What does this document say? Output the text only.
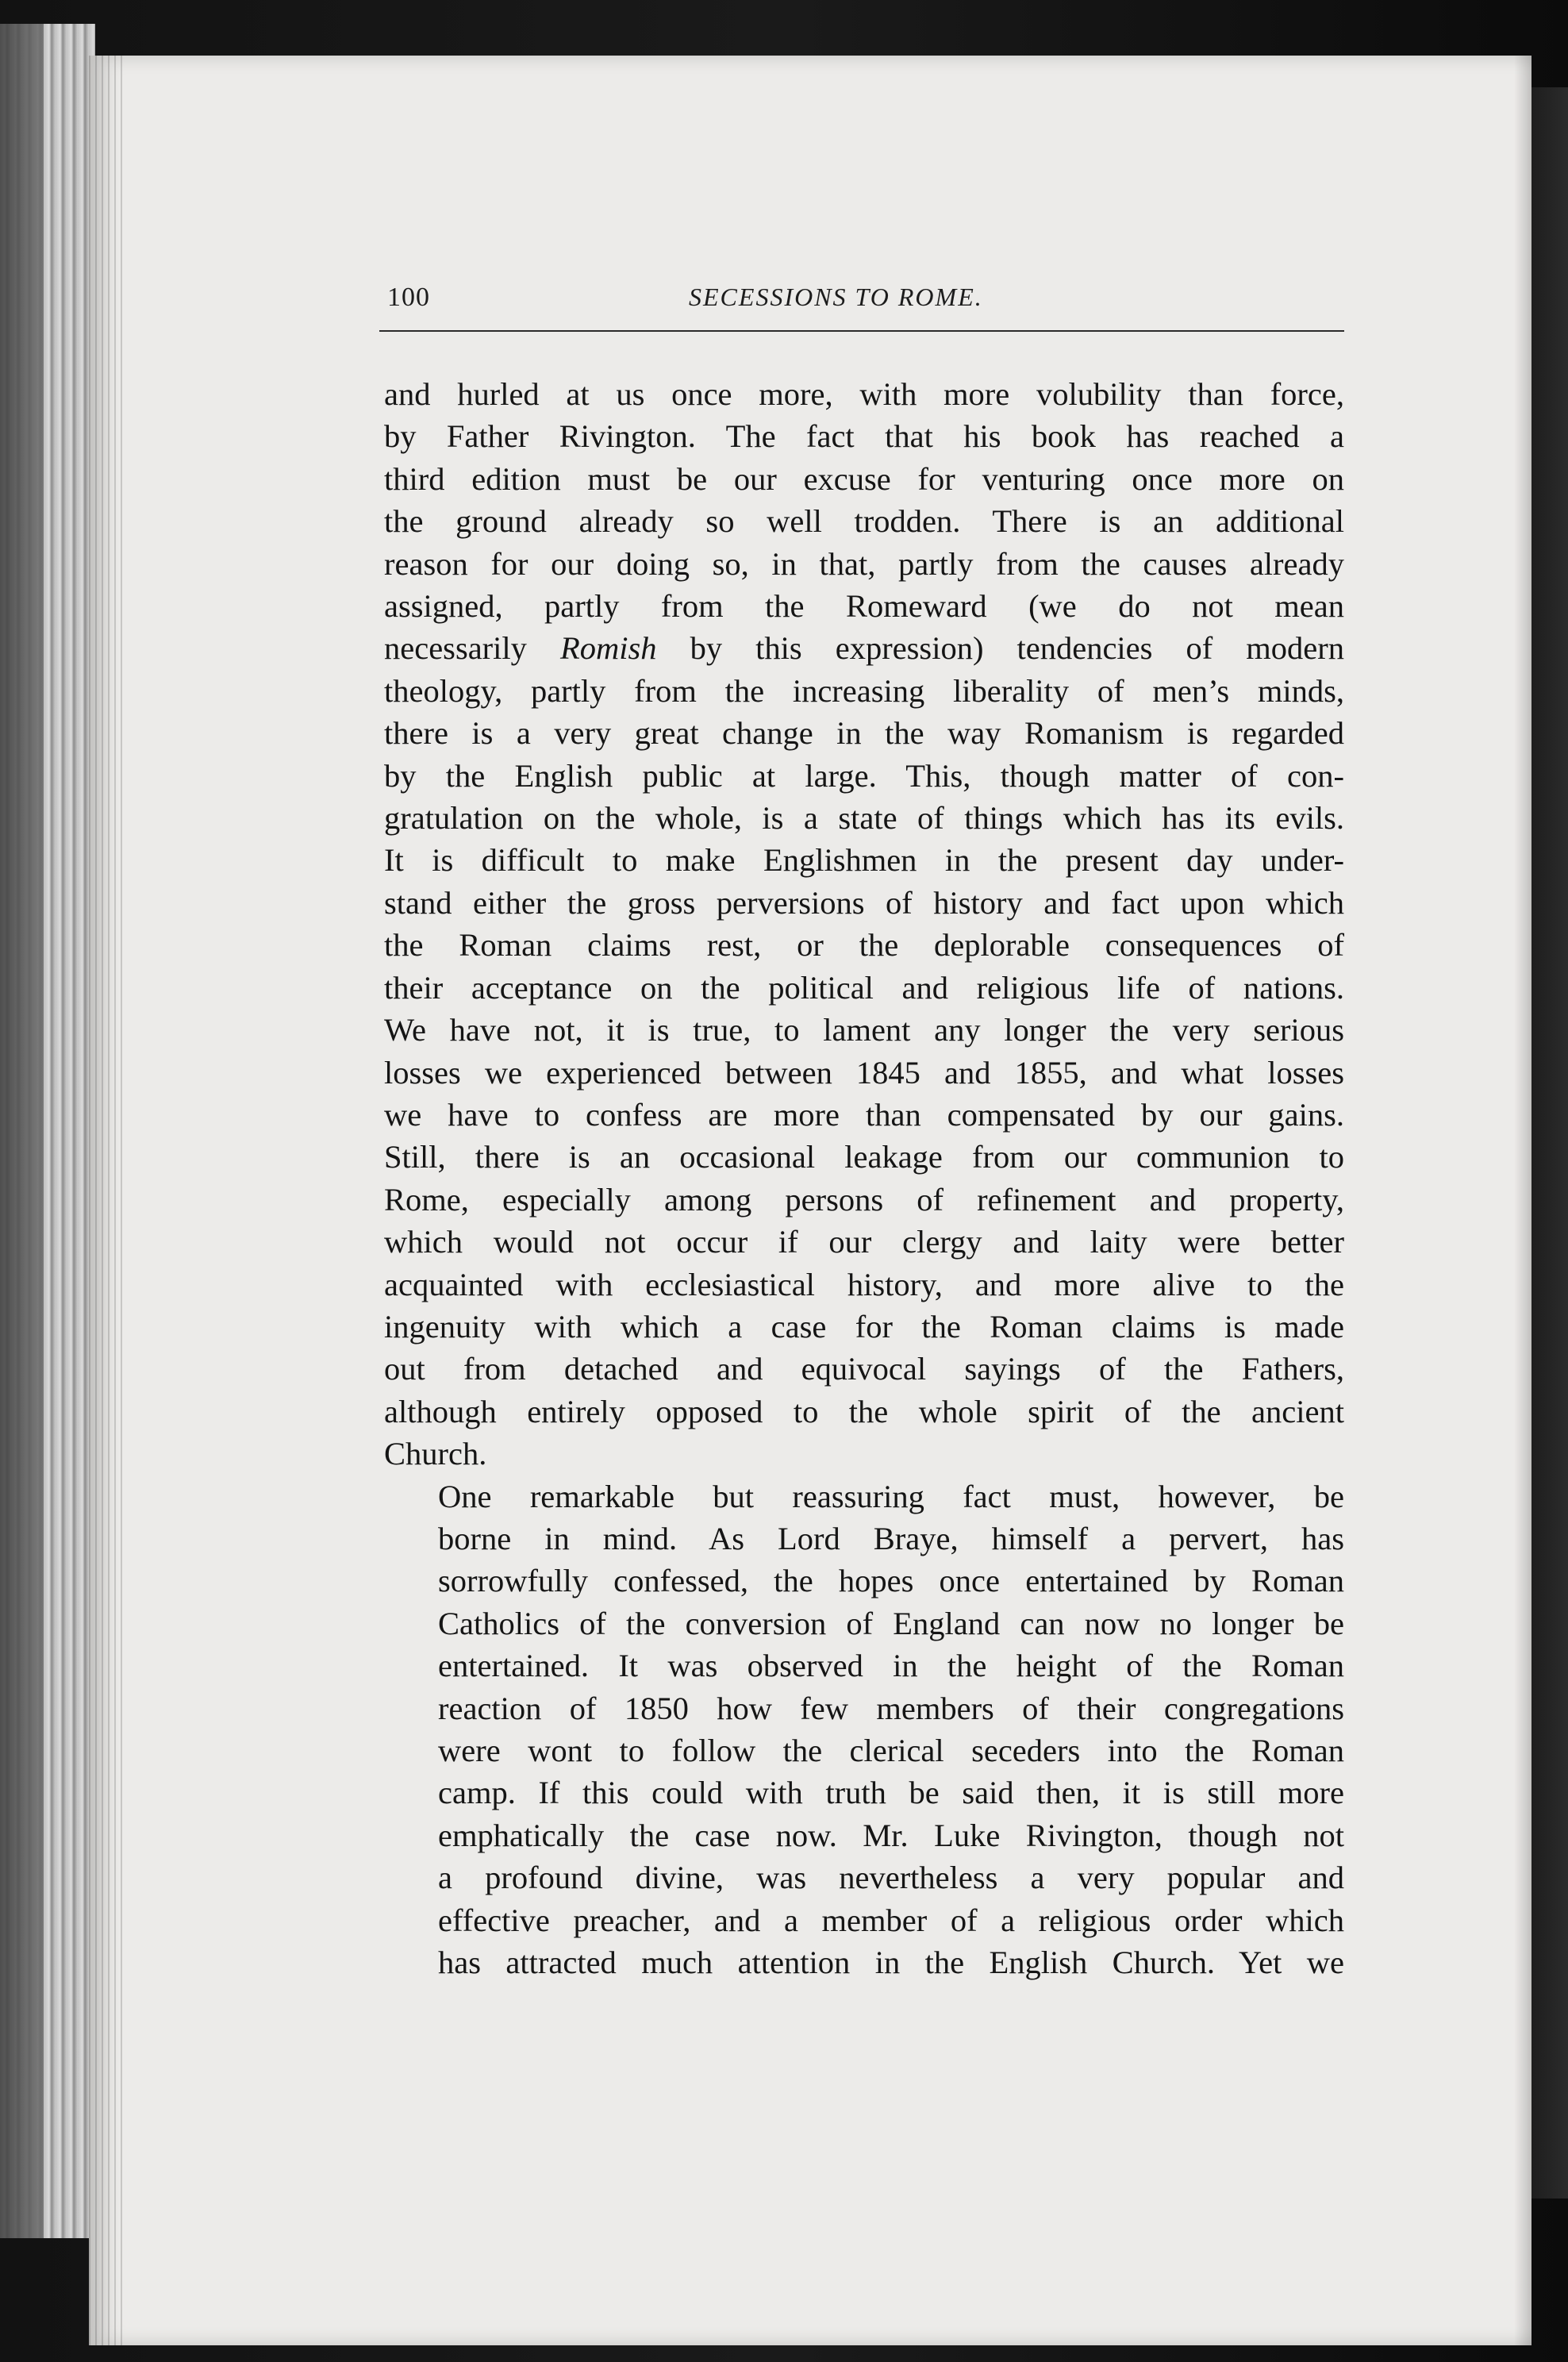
100	SECESSIONS TO ROME.

and hurled at us once more, with more volubility than force,
by Father Rivington. The fact that his book has reached a
third edition must be our excuse for venturing once more on
the ground already so well trodden. There is an additional
reason for our doing so, in that, partly from the causes already
assigned, partly from the Romeward (we do not mean
necessarily Romish by this expression) tendencies of modern
theology, partly from the increasing liberality of men’s minds,
there is a very great change in the way Romanism is regarded
by the English public at large. This, though matter of con-
gratulation on the whole, is a state of things which has its evils.
It is difficult to make Englishmen in the present day under-
stand either the gross perversions of history and fact upon which
the Roman claims rest, or the deplorable consequences of
their acceptance on the political and religious life of nations.
We have not, it is true, to lament any longer the very serious
losses we experienced between 1845 and 1855, and what losses
we have to confess are more than compensated by our gains.
Still, there is an occasional leakage from our communion to
Rome, especially among persons of refinement and property,
which would not occur if our clergy and laity were better
acquainted with ecclesiastical history, and more alive to the
ingenuity with which a case for the Roman claims is made
out from detached and equivocal sayings of the Fathers,
although entirely opposed to the whole spirit of the ancient
Church.

One remarkable but reassuring fact must, however, be
borne in mind. As Lord Braye, himself a pervert, has
sorrowfully confessed, the hopes once entertained by Roman
Catholics of the conversion of England can now no longer be
entertained. It was observed in the height of the Roman
reaction of 1850 how few members of their congregations
were wont to follow the clerical seceders into the Roman
camp. If this could with truth be said then, it is still more
emphatically the case now. Mr. Luke Rivington, though not
a profound divine, was nevertheless a very popular and
effective preacher, and a member of a religious order which
has attracted much attention in the English Church. Yet we
